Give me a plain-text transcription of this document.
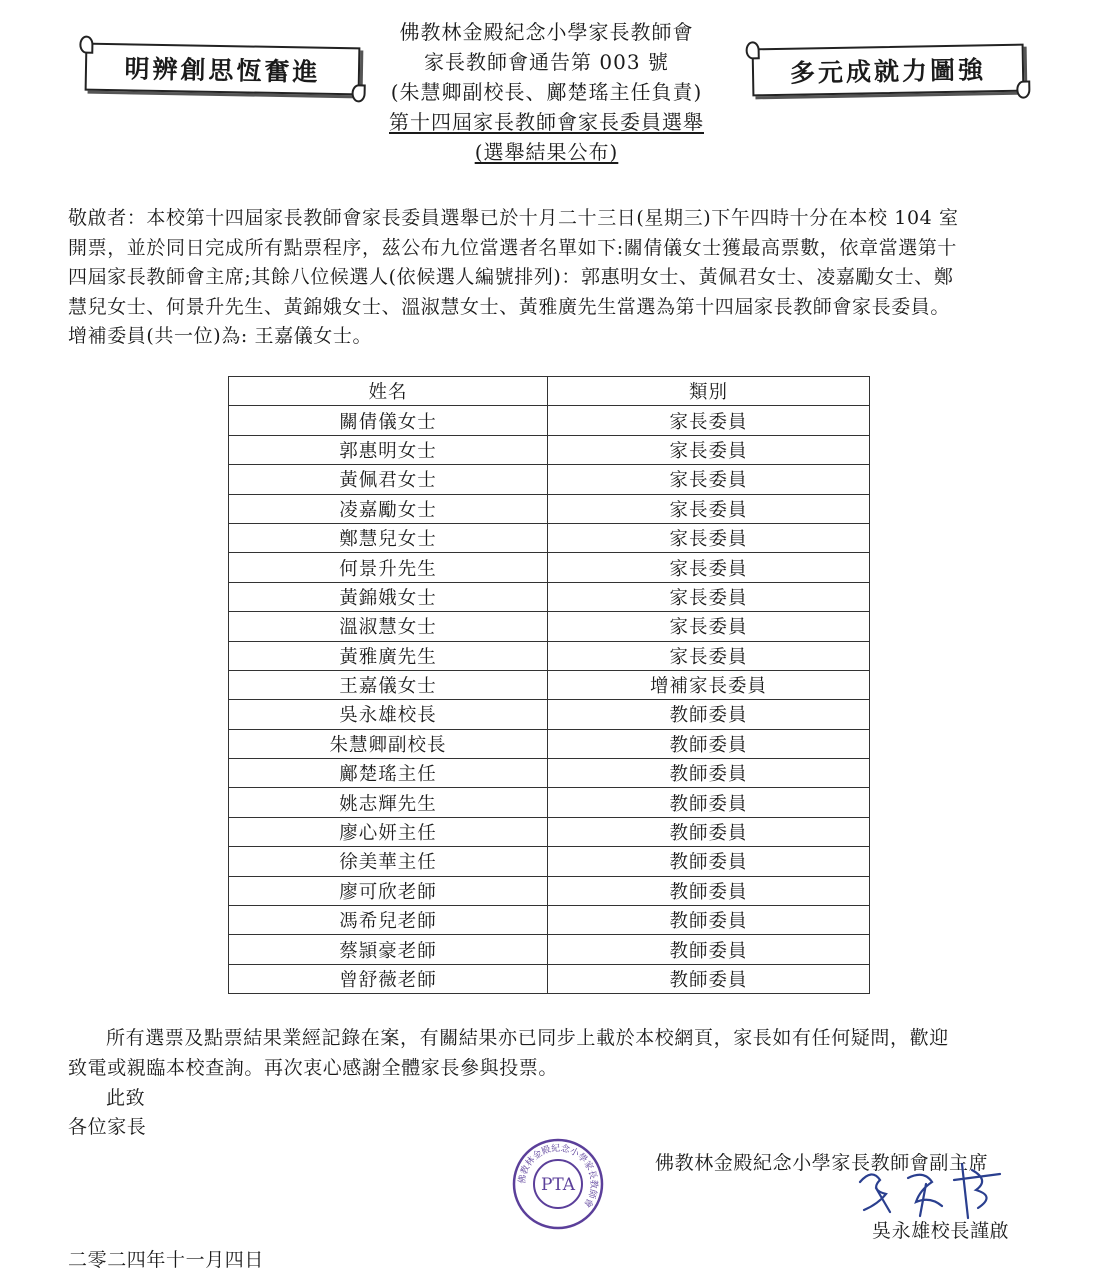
明辨創思恆奮進	多元成就力圖強
佛教林金殿紀念小學家長教師會
家長教師會通告第 003 號
(朱慧卿副校長、鄺楚瑤主任負責)
第十四屆家長教師會家長委員選舉
(選舉結果公布)
敬啟者：本校第十四屆家長教師會家長委員選舉已於十月二十三日(星期三)下午四時十分在本校 104 室
開票，並於同日完成所有點票程序，茲公布九位當選者名單如下:關倩儀女士獲最高票數，依章當選第十
四屆家長教師會主席;其餘八位候選人(依候選人編號排列)：郭惠明女士、黃佩君女士、凌嘉勵女士、鄭
慧兒女士、何景升先生、黃錦娥女士、溫淑慧女士、黃雅廣先生當選為第十四屆家長教師會家長委員。
增補委員(共一位)為: 王嘉儀女士。
姓名	類別
關倩儀女士	家長委員
郭惠明女士	家長委員
黃佩君女士	家長委員
凌嘉勵女士	家長委員
鄭慧兒女士	家長委員
何景升先生	家長委員
黃錦娥女士	家長委員
溫淑慧女士	家長委員
黃雅廣先生	家長委員
王嘉儀女士	增補家長委員
吳永雄校長	教師委員
朱慧卿副校長	教師委員
鄺楚瑤主任	教師委員
姚志輝先生	教師委員
廖心妍主任	教師委員
徐美華主任	教師委員
廖可欣老師	教師委員
馮希兒老師	教師委員
蔡頴豪老師	教師委員
曾舒薇老師	教師委員
所有選票及點票結果業經記錄在案，有關結果亦已同步上載於本校網頁，家長如有任何疑問，歡迎
致電或親臨本校查詢。再次衷心感謝全體家長參與投票。
此致
各位家長
佛教林金殿紀念小學家長教師會
PTA
佛教林金殿紀念小學家長教師會副主席
吳永雄校長謹啟
二零二四年十一月四日
